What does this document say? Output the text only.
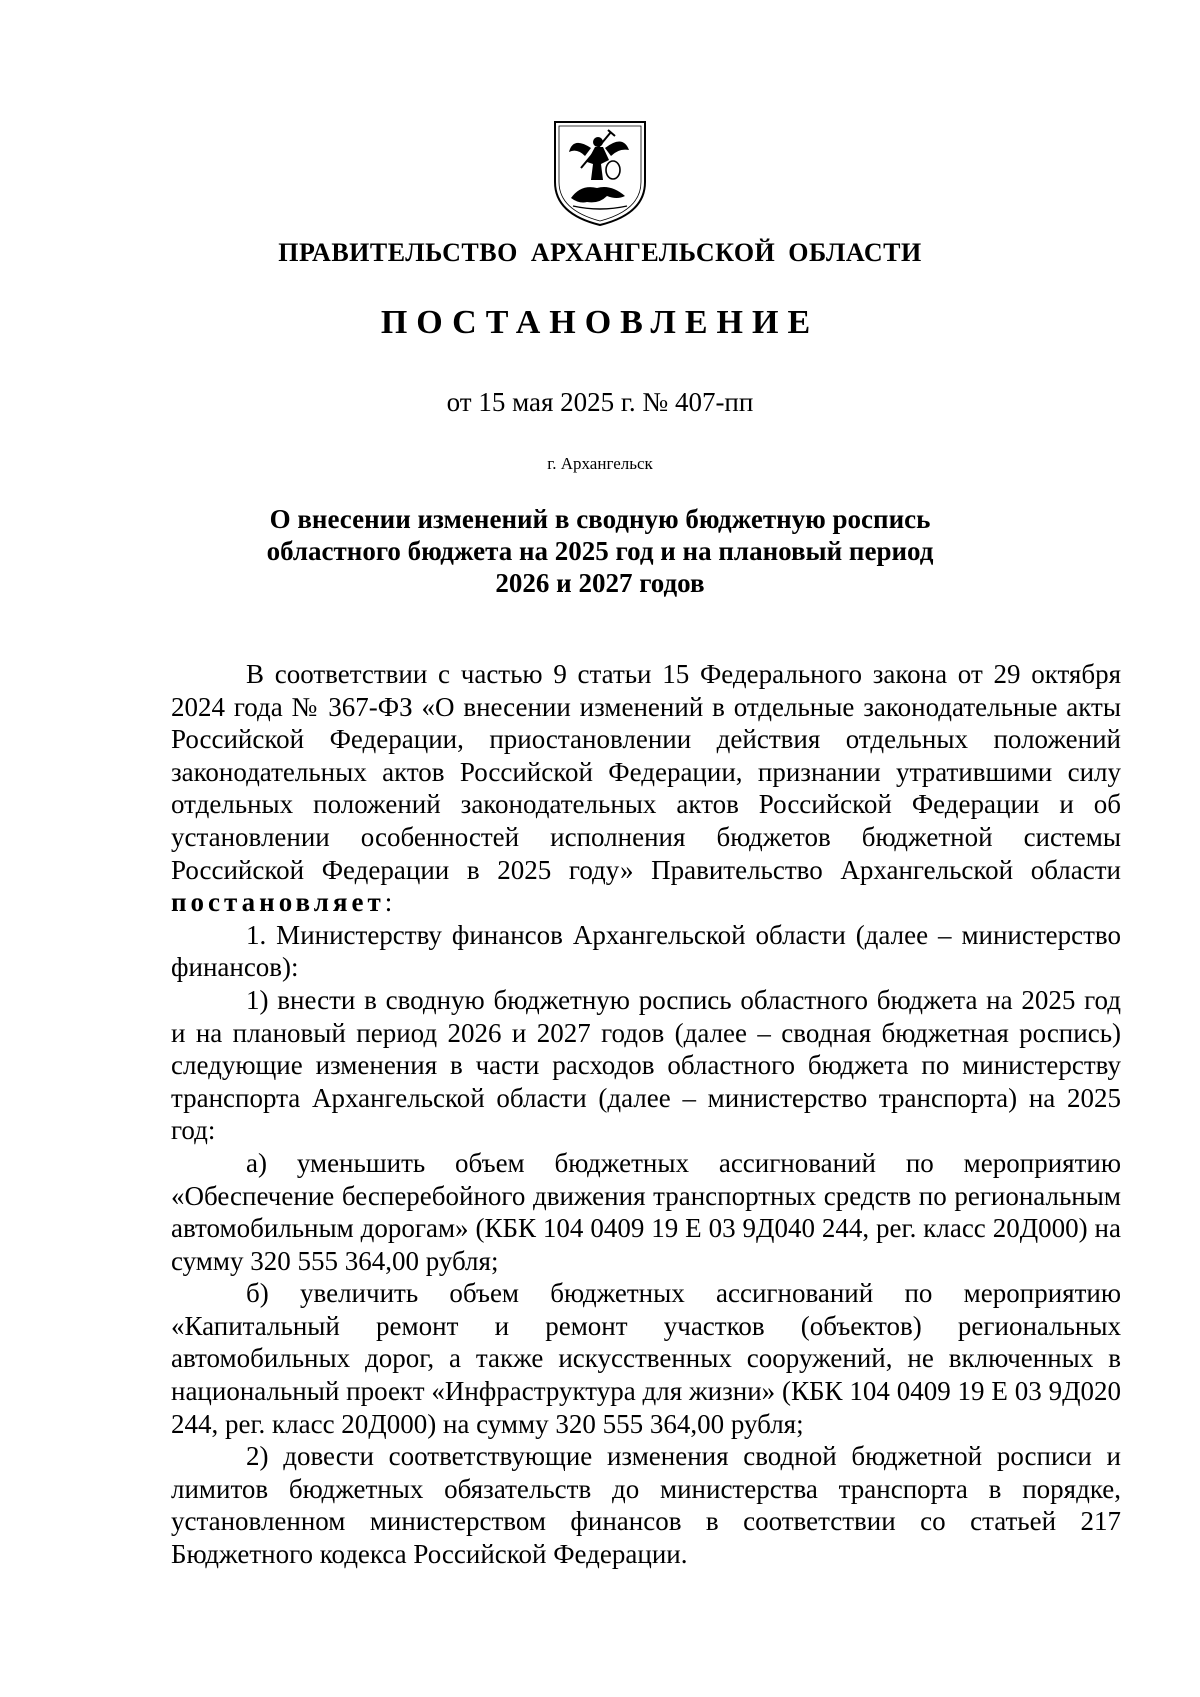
ПРАВИТЕЛЬСТВО АРХАНГЕЛЬСКОЙ ОБЛАСТИ
ПОСТАНОВЛЕНИЕ
от 15 мая 2025 г. № 407-пп
г. Архангельск
О внесении изменений в сводную бюджетную роспись
областного бюджета на 2025 год и на плановый период
2026 и 2027 годов

В соответствии с частью 9 статьи 15 Федерального закона от 29 октября 2024 года № 367-ФЗ «О внесении изменений в отдельные законодательные акты Российской Федерации, приостановлении действия отдельных положений законодательных актов Российской Федерации, признании утратившими силу отдельных положений законодательных актов Российской Федерации и об установлении особенностей исполнения бюджетов бюджетной системы Российской Федерации в 2025 году» Правительство Архангельской области постановляет:

1. Министерству финансов Архангельской области (далее – министерство финансов):

1) внести в сводную бюджетную роспись областного бюджета на 2025 год и на плановый период 2026 и 2027 годов (далее – сводная бюджетная роспись) следующие изменения в части расходов областного бюджета по министерству транспорта Архангельской области (далее – министерство транспорта) на 2025 год:

а) уменьшить объем бюджетных ассигнований по мероприятию «Обеспечение бесперебойного движения транспортных средств по региональным автомобильным дорогам» (КБК 104 0409 19 Е 03 9Д040 244, рег. класс 20Д000) на сумму 320 555 364,00 рубля;

б) увеличить объем бюджетных ассигнований по мероприятию «Капитальный ремонт и ремонт участков (объектов) региональных автомобильных дорог, а также искусственных сооружений, не включенных в национальный проект «Инфраструктура для жизни» (КБК 104 0409 19 Е 03 9Д020 244, рег. класс 20Д000) на сумму 320 555 364,00 рубля;

2) довести соответствующие изменения сводной бюджетной росписи и лимитов бюджетных обязательств до министерства транспорта в порядке, установленном министерством финансов в соответствии со статьей 217 Бюджетного кодекса Российской Федерации.
